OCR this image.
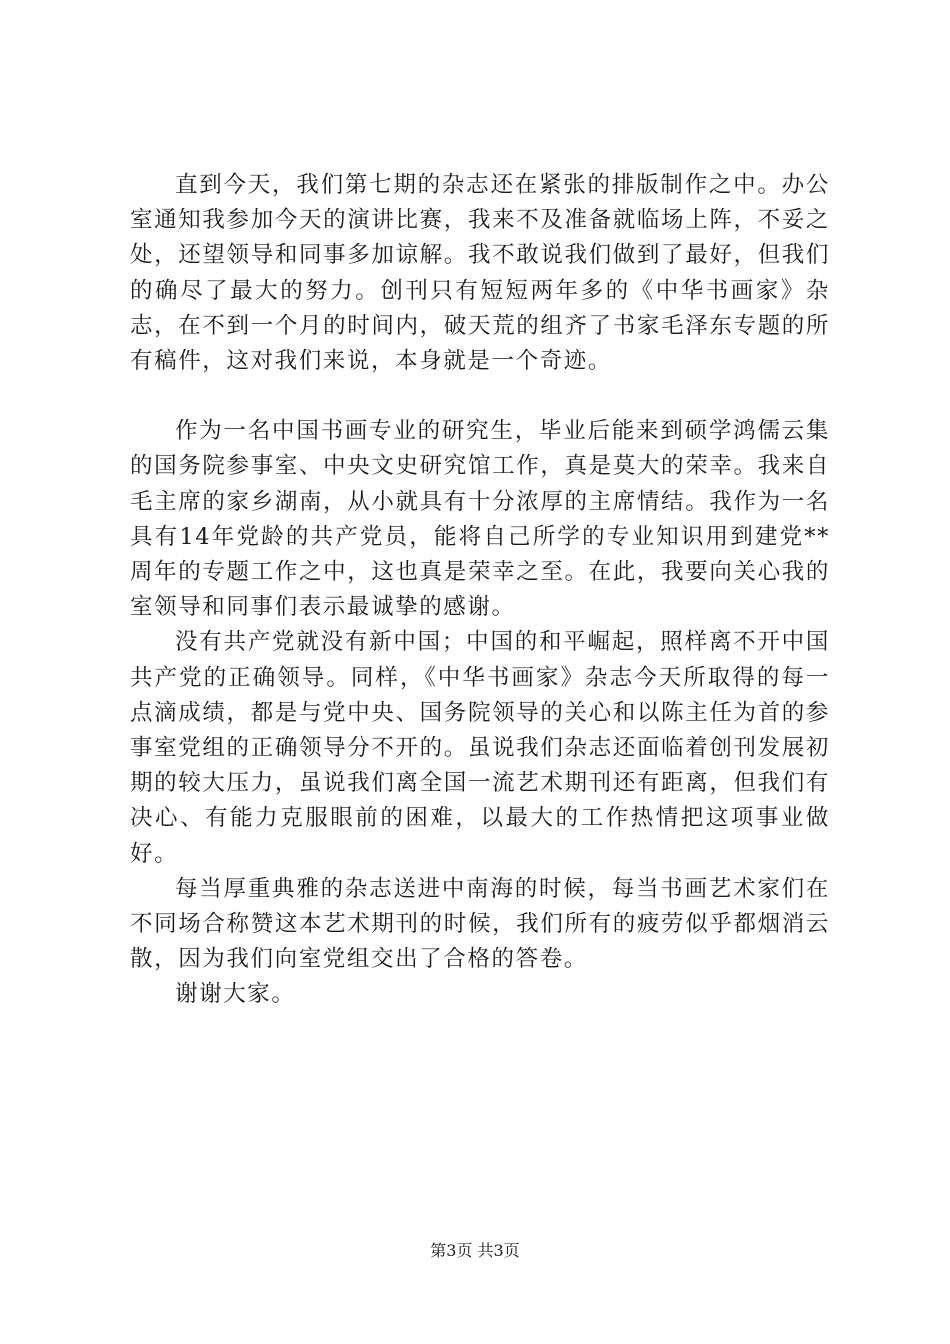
直到今天，我们第七期的杂志还在紧张的排版制作之中。办公室通知我参加今天的演讲比赛，我来不及准备就临场上阵，不妥之处，还望领导和同事多加谅解。我不敢说我们做到了最好，但我们的确尽了最大的努力。创刊只有短短两年多的《中华书画家》杂志，在不到一个月的时间内，破天荒的组齐了书家毛泽东专题的所有稿件，这对我们来说，本身就是一个奇迹。

作为一名中国书画专业的研究生，毕业后能来到硕学鸿儒云集的国务院参事室、中央文史研究馆工作，真是莫大的荣幸。我来自毛主席的家乡湖南，从小就具有十分浓厚的主席情结。我作为一名具有14年党龄的共产党员，能将自己所学的专业知识用到建党**周年的专题工作之中，这也真是荣幸之至。在此，我要向关心我的室领导和同事们表示最诚挚的感谢。

没有共产党就没有新中国；中国的和平崛起，照样离不开中国共产党的正确领导。同样，《中华书画家》杂志今天所取得的每一点滴成绩，都是与党中央、国务院领导的关心和以陈主任为首的参事室党组的正确领导分不开的。虽说我们杂志还面临着创刊发展初期的较大压力，虽说我们离全国一流艺术期刊还有距离，但我们有决心、有能力克服眼前的困难，以最大的工作热情把这项事业做好。

每当厚重典雅的杂志送进中南海的时候，每当书画艺术家们在不同场合称赞这本艺术期刊的时候，我们所有的疲劳似乎都烟消云散，因为我们向室党组交出了合格的答卷。

谢谢大家。

第3页 共3页
